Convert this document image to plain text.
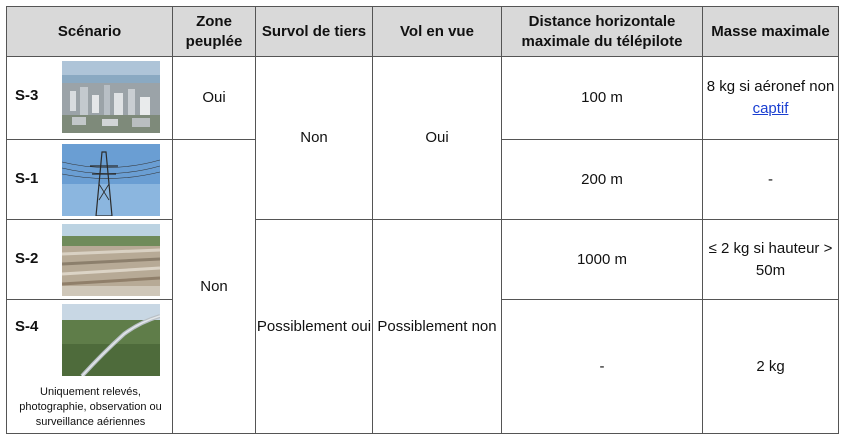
Scénario	Zone peuplée	Survol de tiers	Vol en vue	Distance horizontale maximale du télépilote	Masse maximale

S-3	Oui	Non	Oui	100 m	8 kg si aéronef non captif

S-1	Non			200 m	-

S-2		Possiblement oui	Possiblement non	1000 m	≤ 2 kg si hauteur > 50m

S-4
Uniquement relevés, photographie, observation ou surveillance aériennes				-	2 kg
